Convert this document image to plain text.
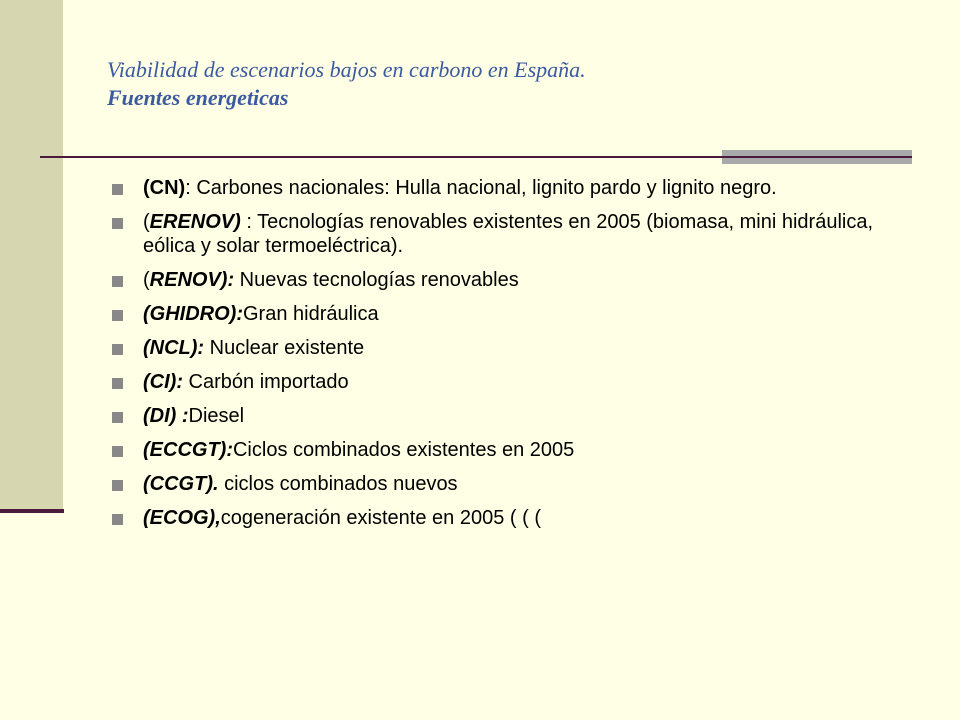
Viabilidad de escenarios bajos en carbono en España.
Fuentes energeticas
(CN): Carbones nacionales: Hulla nacional, lignito pardo y lignito negro.
(ERENOV) : Tecnologías renovables existentes en 2005 (biomasa, mini hidráulica, eólica y solar termoeléctrica).
(RENOV): Nuevas tecnologías renovables
(GHIDRO):Gran hidráulica
(NCL): Nuclear existente
(CI): Carbón importado
(DI) :Diesel
(ECCGT):Ciclos combinados existentes en 2005
(CCGT). ciclos combinados nuevos
(ECOG),cogeneración existente en 2005 ( ( (
